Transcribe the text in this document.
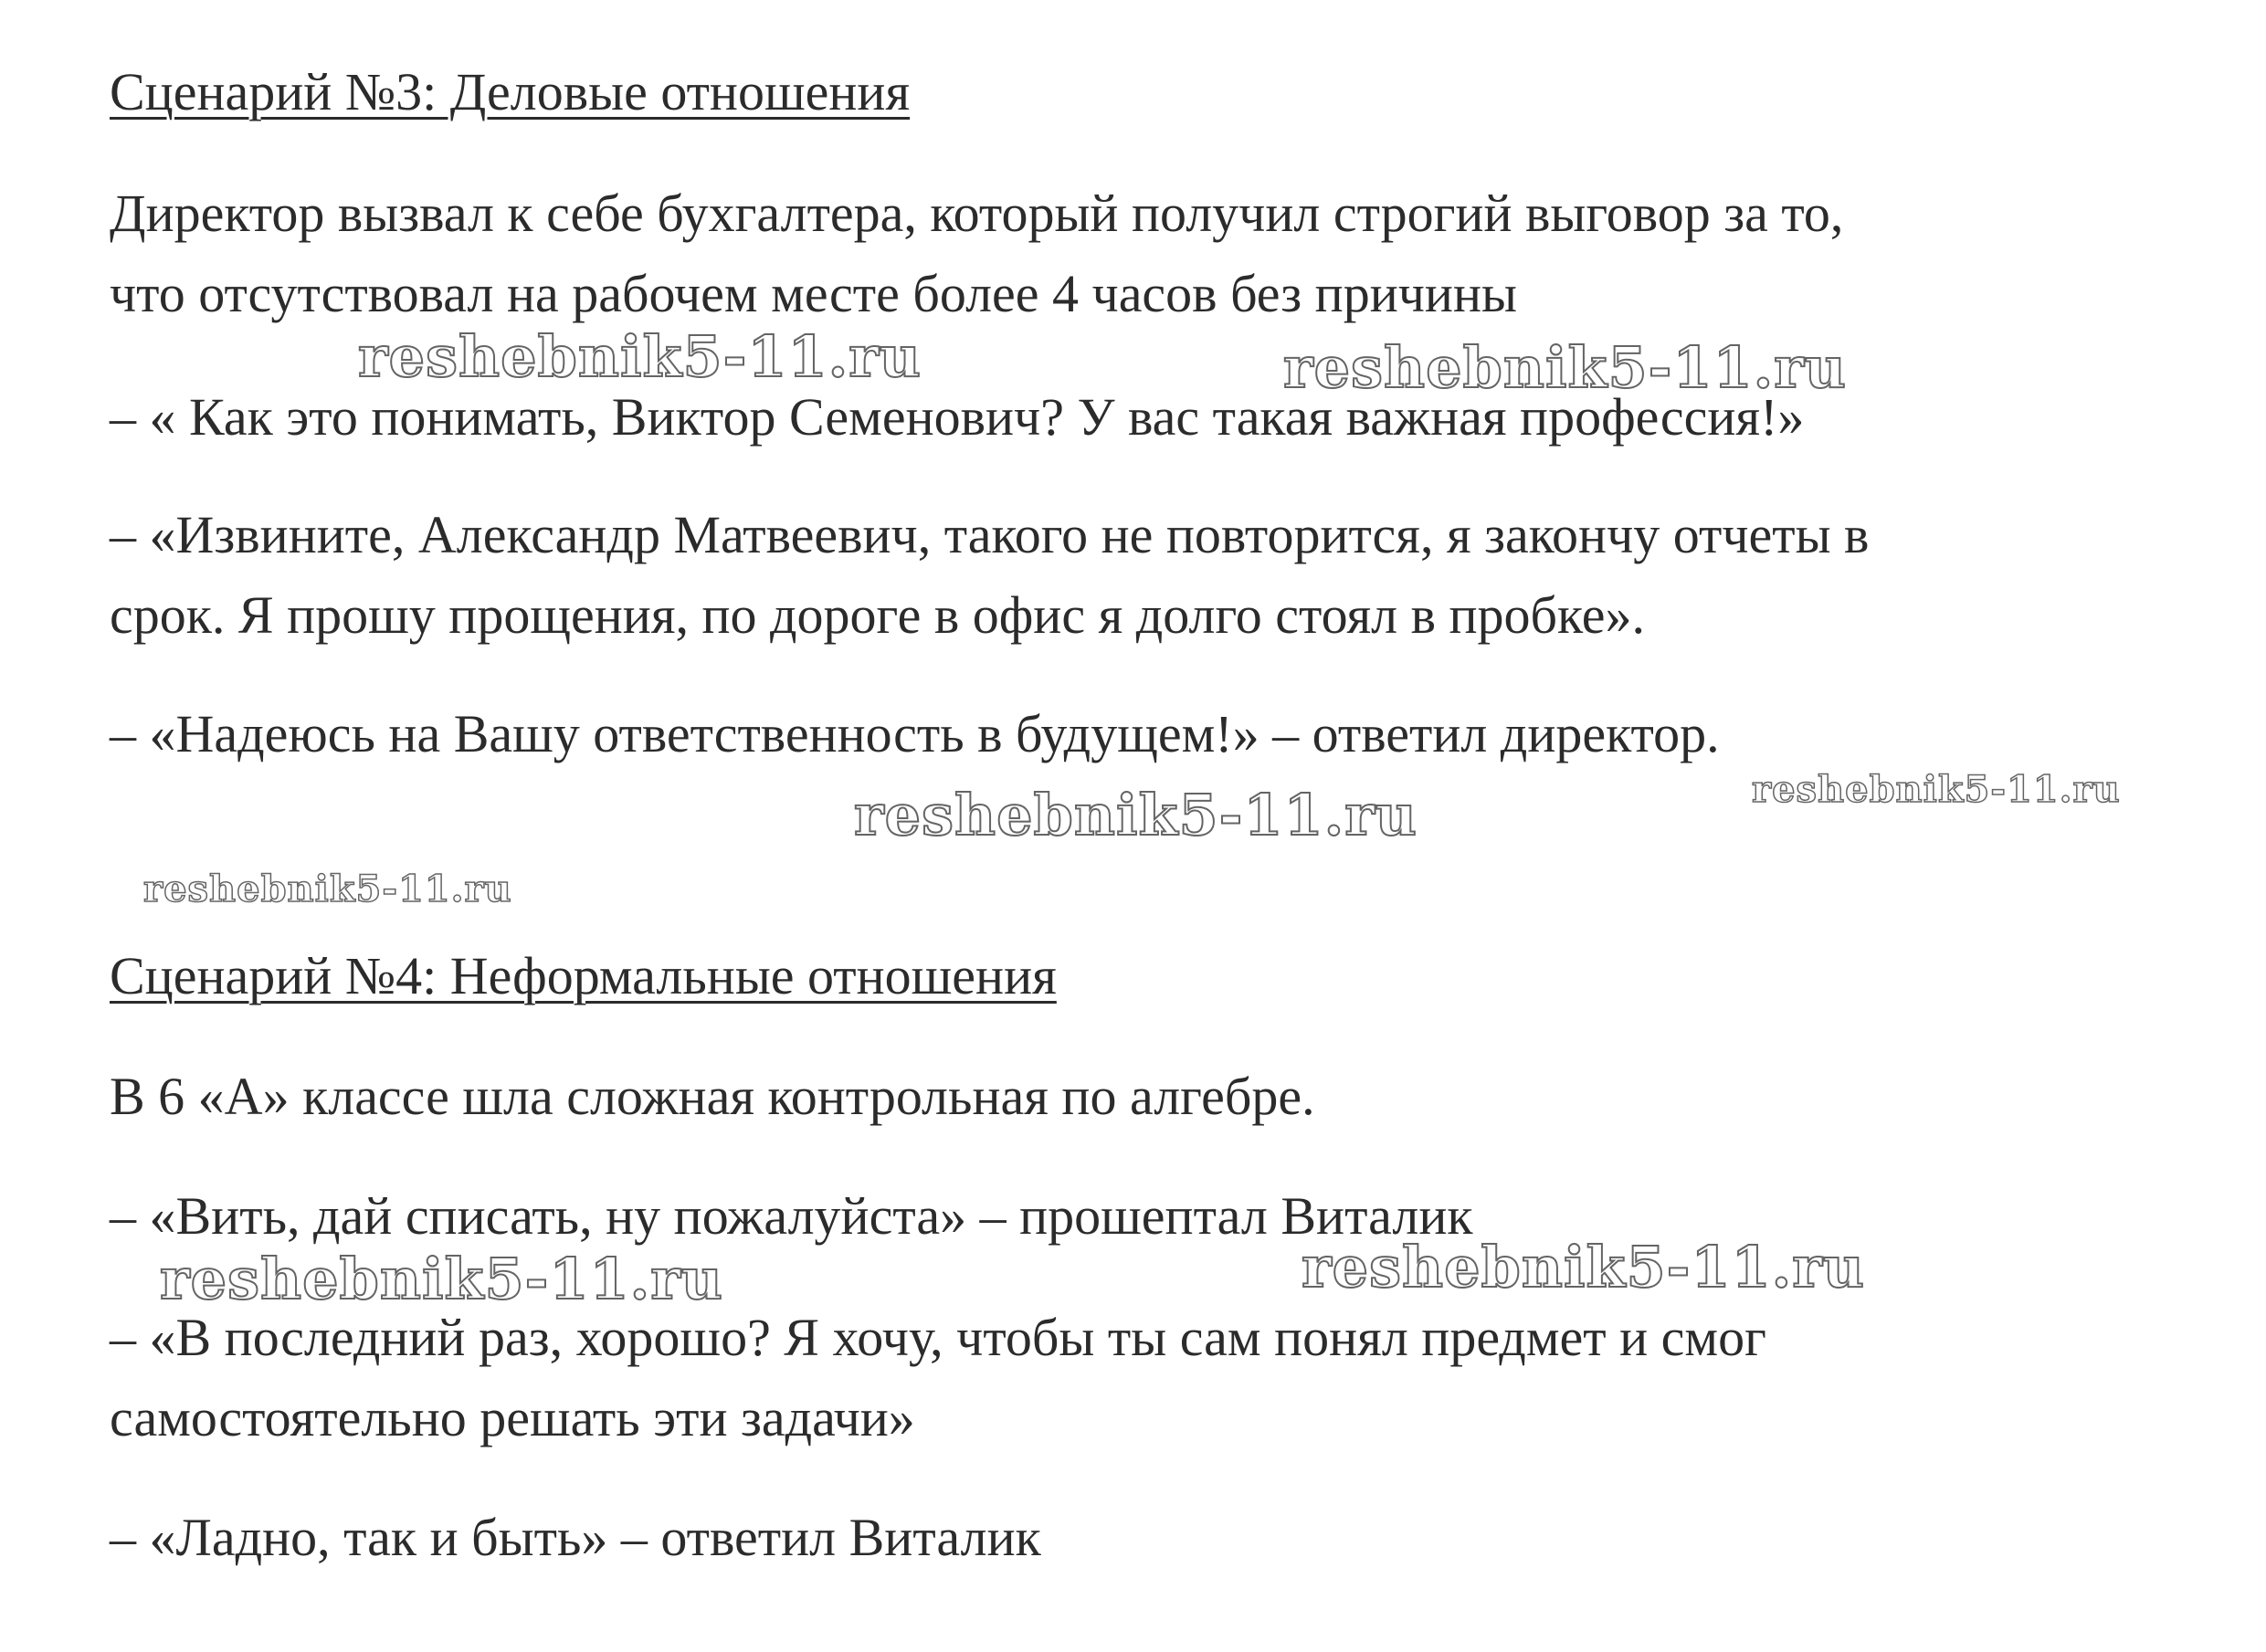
Сценарий №3: Деловые отношения

Директор вызвал к себе бухгалтера, который получил строгий выговор за то,

что отсутствовал на рабочем месте более 4 часов без причины

– « Как это понимать, Виктор Семенович? У вас такая важная профессия!»

– «Извините, Александр Матвеевич, такого не повторится, я закончу отчеты в

срок. Я прошу прощения, по дороге в офис я долго стоял в пробке».

– «Надеюсь на Вашу ответственность в будущем!» – ответил директор.

Сценарий №4: Неформальные отношения

В 6 «А» классе шла сложная контрольная по алгебре.

– «Вить, дай списать, ну пожалуйста» – прошептал Виталик

– «В последний раз, хорошо? Я хочу, чтобы ты сам понял предмет и смог

самостоятельно решать эти задачи»

– «Ладно, так и быть» – ответил Виталик

reshebnik5-11.ru	reshebnik5-11.ru
reshebnik5-11.ru	reshebnik5-11.ru
reshebnik5-11.ru
reshebnik5-11.ru	reshebnik5-11.ru
